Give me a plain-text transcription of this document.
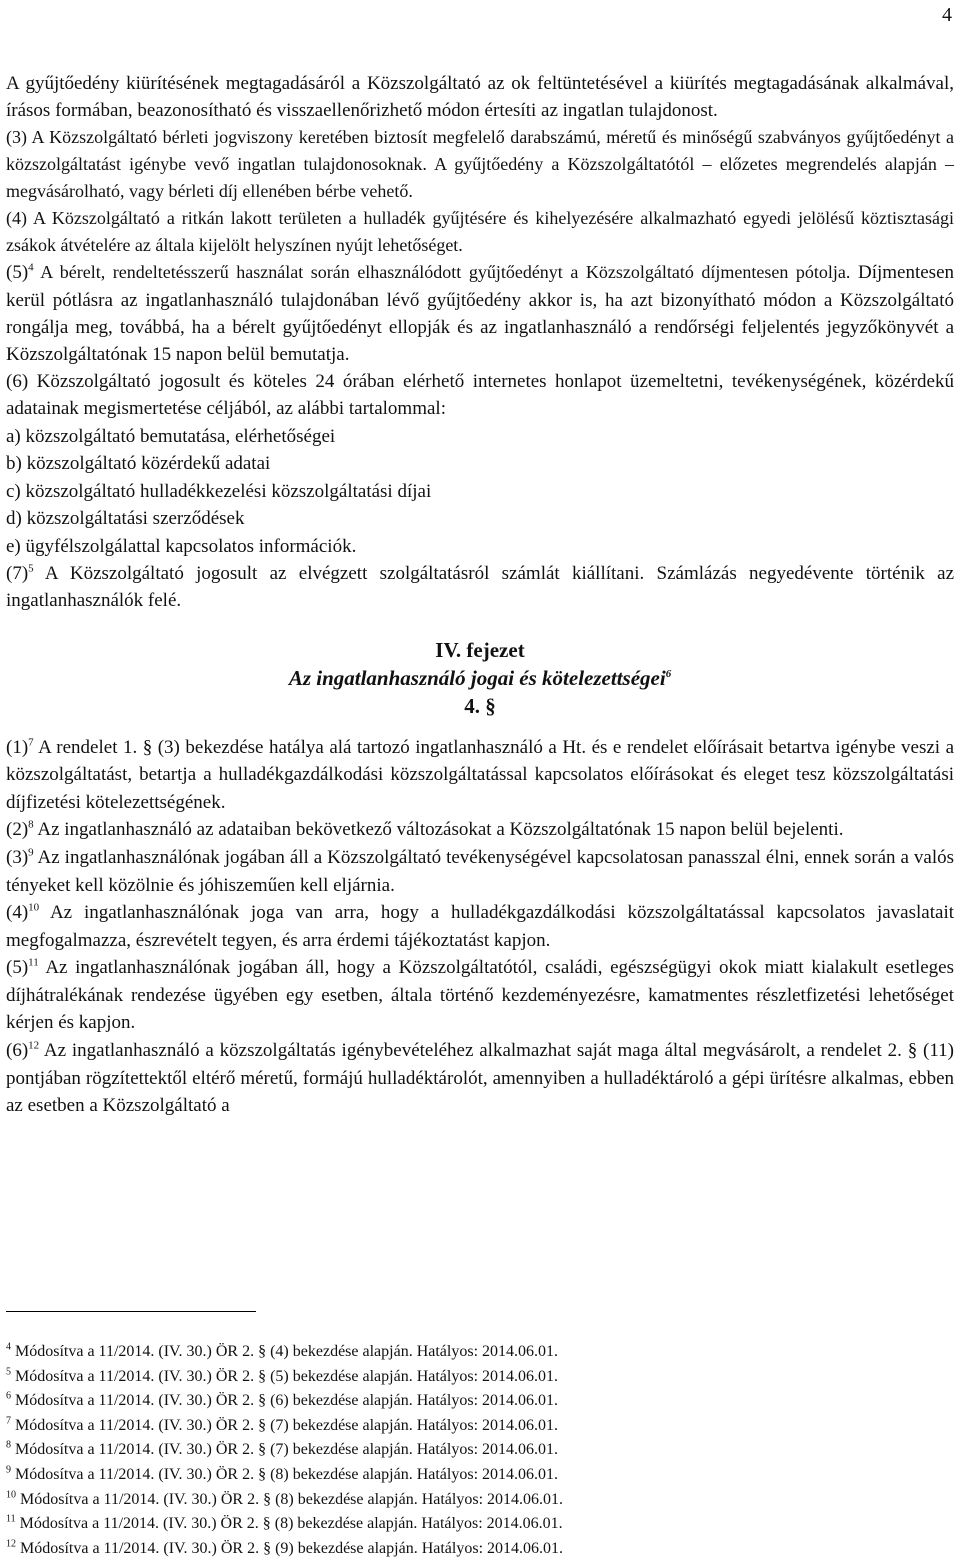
4

A gyűjtőedény kiürítésének megtagadásáról a Közszolgáltató az ok feltüntetésével a kiürítés megtagadásának alkalmával, írásos formában, beazonosítható és visszaellenőrizhető módon értesíti az ingatlan tulajdonost.

(3) A Közszolgáltató bérleti jogviszony keretében biztosít megfelelő darabszámú, méretű és minőségű szabványos gyűjtőedényt a közszolgáltatást igénybe vevő ingatlan tulajdonosoknak. A gyűjtőedény a Közszolgáltatótól – előzetes megrendelés alapján – megvásárolható, vagy bérleti díj ellenében bérbe vehető.

(4) A Közszolgáltató a ritkán lakott területen a hulladék gyűjtésére és kihelyezésére alkalmazható egyedi jelölésű köztisztasági zsákok átvételére az általa kijelölt helyszínen nyújt lehetőséget.

$(5)^4$ A bérelt, rendeltetésszerű használat során elhasználódott gyűjtőedényt a Közszolgáltató díjmentesen pótolja. Díjmentesen kerül pótlásra az ingatlanhasználó tulajdonában lévő gyűjtőedény akkor is, ha azt bizonyítható módon a Közszolgáltató rongálja meg, továbbá, ha a bérelt gyűjtőedényt ellopják és az ingatlanhasználó a rendőrségi feljelentés jegyzőkönyvét a Közszolgáltatónak 15 napon belül bemutatja.

(6) Közszolgáltató jogosult és köteles 24 órában elérhető internetes honlapot üzemeltetni, tevékenységének, közérdekű adatainak megismertetése céljából, az alábbi tartalommal:

a) közszolgáltató bemutatása, elérhetőségei

b) közszolgáltató közérdekű adatai

c) közszolgáltató hulladékkezelési közszolgáltatási díjai

d) közszolgáltatási szerződések

e) ügyfélszolgálattal kapcsolatos információk.

$(7)^5$ A Közszolgáltató jogosult az elvégzett szolgáltatásról számlát kiállítani. Számlázás negyedévente történik az ingatlanhasználók felé.

IV. fejezet

Az ingatlanhasználó jogai és kötelezettségei$^6$

4. §

$(1)^7$ A rendelet 1. § (3) bekezdése hatálya alá tartozó ingatlanhasználó a Ht. és e rendelet előírásait betartva igénybe veszi a közszolgáltatást, betartja a hulladékgazdálkodási közszolgáltatással kapcsolatos előírásokat és eleget tesz közszolgáltatási díjfizetési kötelezettségének.

$(2)^8$ Az ingatlanhasználó az adataiban bekövetkező változásokat a Közszolgáltatónak 15 napon belül bejelenti.

$(3)^9$ Az ingatlanhasználónak jogában áll a Közszolgáltató tevékenységével kapcsolatosan panasszal élni, ennek során a valós tényeket kell közölnie és jóhiszeműen kell eljárnia.

$(4)^{10}$ Az ingatlanhasználónak joga van arra, hogy a hulladékgazdálkodási közszolgáltatással kapcsolatos javaslatait megfogalmazza, észrevételt tegyen, és arra érdemi tájékoztatást kapjon.

$(5)^{11}$ Az ingatlanhasználónak jogában áll, hogy a Közszolgáltatótól, családi, egészségügyi okok miatt kialakult esetleges díjhátralékának rendezése ügyében egy esetben, általa történő kezdeményezésre, kamatmentes részletfizetési lehetőséget kérjen és kapjon.

$(6)^{12}$ Az ingatlanhasználó a közszolgáltatás igénybevételéhez alkalmazhat saját maga által megvásárolt, a rendelet 2. § (11) pontjában rögzítettektől eltérő méretű, formájú hulladéktárolót, amennyiben a hulladéktároló a gépi ürítésre alkalmas, ebben az esetben a Közszolgáltató a

$^4$ Módosítva a 11/2014. (IV. 30.) ÖR 2. § (4) bekezdése alapján. Hatályos: 2014.06.01.

$^5$ Módosítva a 11/2014. (IV. 30.) ÖR 2. § (5) bekezdése alapján. Hatályos: 2014.06.01.

$^6$ Módosítva a 11/2014. (IV. 30.) ÖR 2. § (6) bekezdése alapján. Hatályos: 2014.06.01.

$^7$ Módosítva a 11/2014. (IV. 30.) ÖR 2. § (7) bekezdése alapján. Hatályos: 2014.06.01.

$^8$ Módosítva a 11/2014. (IV. 30.) ÖR 2. § (7) bekezdése alapján. Hatályos: 2014.06.01.

$^9$ Módosítva a 11/2014. (IV. 30.) ÖR 2. § (8) bekezdése alapján. Hatályos: 2014.06.01.

$^{10}$ Módosítva a 11/2014. (IV. 30.) ÖR 2. § (8) bekezdése alapján. Hatályos: 2014.06.01.

$^{11}$ Módosítva a 11/2014. (IV. 30.) ÖR 2. § (8) bekezdése alapján. Hatályos: 2014.06.01.

$^{12}$ Módosítva a 11/2014. (IV. 30.) ÖR 2. § (9) bekezdése alapján. Hatályos: 2014.06.01.
